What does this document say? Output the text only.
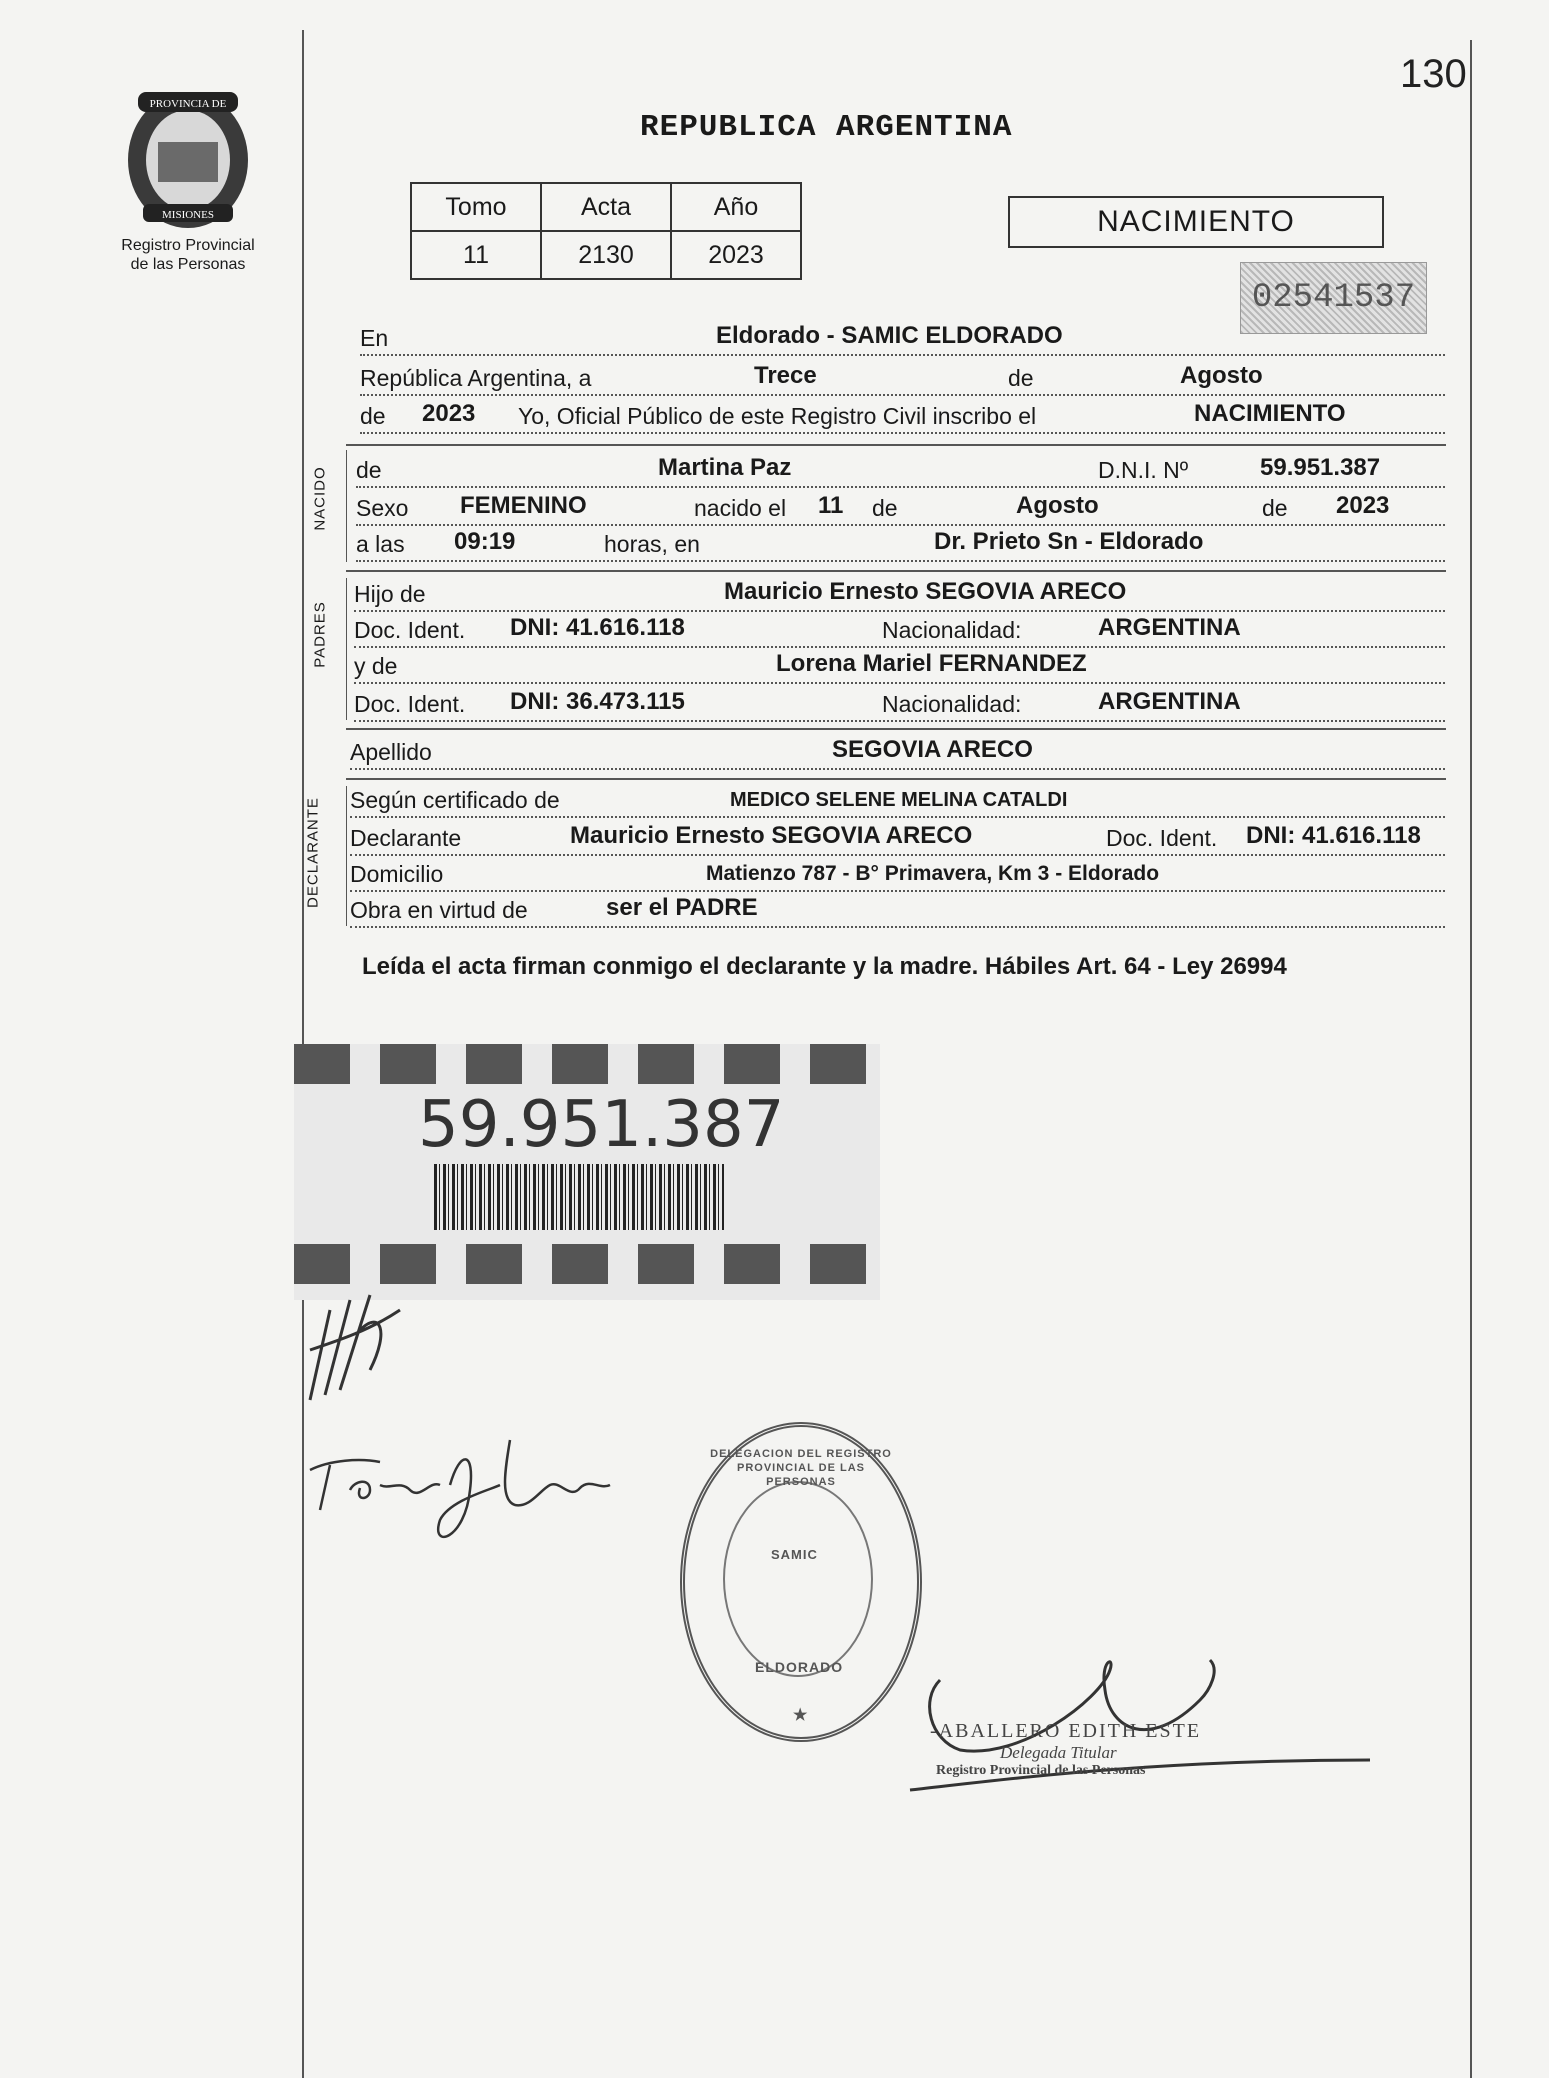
130
PROVINCIA DE
MISIONES
Registro Provincial
de las Personas
REPUBLICA ARGENTINA
Tomo	Acta	Año
11	2130	2023
NACIMIENTO
02541537
En	Eldorado - SAMIC ELDORADO
República Argentina, a	Trece	de	Agosto
de 2023 Yo, Oficial Público de este Registro Civil inscribo el	NACIMIENTO
NACIDO de	Martina Paz	D.N.I. Nº	59.951.387
Sexo FEMENINO	nacido el 11 de	Agosto	de 2023
a las 09:19	horas, en	Dr. Prieto Sn - Eldorado
PADRES
Hijo de	Mauricio Ernesto SEGOVIA ARECO
Doc. Ident. DNI: 41.616.118	Nacionalidad:	ARGENTINA
y de	Lorena Mariel FERNANDEZ
Doc. Ident. DNI: 36.473.115	Nacionalidad:	ARGENTINA
Apellido	SEGOVIA ARECO
DECLARANTE Según certificado de	MEDICO SELENE MELINA CATALDI
Declarante	Mauricio Ernesto SEGOVIA ARECO	Doc. Ident. DNI: 41.616.118
Domicilio	Matienzo 787 - B° Primavera, Km 3 - Eldorado
Obra en virtud de	ser el PADRE
Leída el acta firman conmigo el declarante y la madre. Hábiles Art. 64 - Ley 26994
59.951.387
DELEGACION DEL REGISTRO PROVINCIAL DE LAS PERSONAS
SAMIC
ELDORADO
★
-ABALLERO EDITH ESTE
Delegada Titular
Registro Provincial de las Personas
